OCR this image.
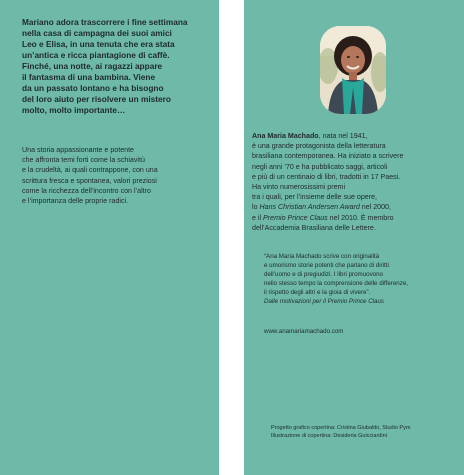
Mariano adora trascorrere i fine settimana
nella casa di campagna dei suoi amici
Leo e Elisa, in una tenuta che era stata
un’antica e ricca piantagione di caffè.
Finché, una notte, ai ragazzi appare
il fantasma di una bambina. Viene
da un passato lontano e ha bisogno
del loro aiuto per risolvere un mistero
molto, molto importante…
Una storia appassionante e potente
che affronta temi forti come la schiavitù
e la crudeltà, ai quali contrappone, con una
scrittura fresca e spontanea, valori preziosi
come la ricchezza dell’incontro con l’altro
e l’importanza delle proprie radici.
Ana Maria Machado, nata nel 1941,
è una grande protagonista della letteratura
brasiliana contemporanea. Ha iniziato a scrivere
negli anni ’70 e ha pubblicato saggi, articoli
e più di un centinaio di libri, tradotti in 17 Paesi.
Ha vinto numerosissimi premi
tra i quali, per l’insieme delle sue opere,
lo Hans Christian Andersen Award nel 2000,
e il Premio Prince Claus nel 2010. È membro
dell’Accademia Brasiliana delle Lettere.
“Ana Maria Machado scrive con originalità
e umorismo storie potenti che parlano di diritti
dell’uomo e di pregiudizi. I libri promuovono
nello stesso tempo la comprensione delle differenze,
il rispetto degli altri e la gioia di vivere”.
Dalle motivazioni per il Premio Prince Claus
www.anamariamachado.com
Progetto grafico copertina: Cristina Giubaldo, Studio Pym
Illustrazione di copertina: Desideria Guicciardini
